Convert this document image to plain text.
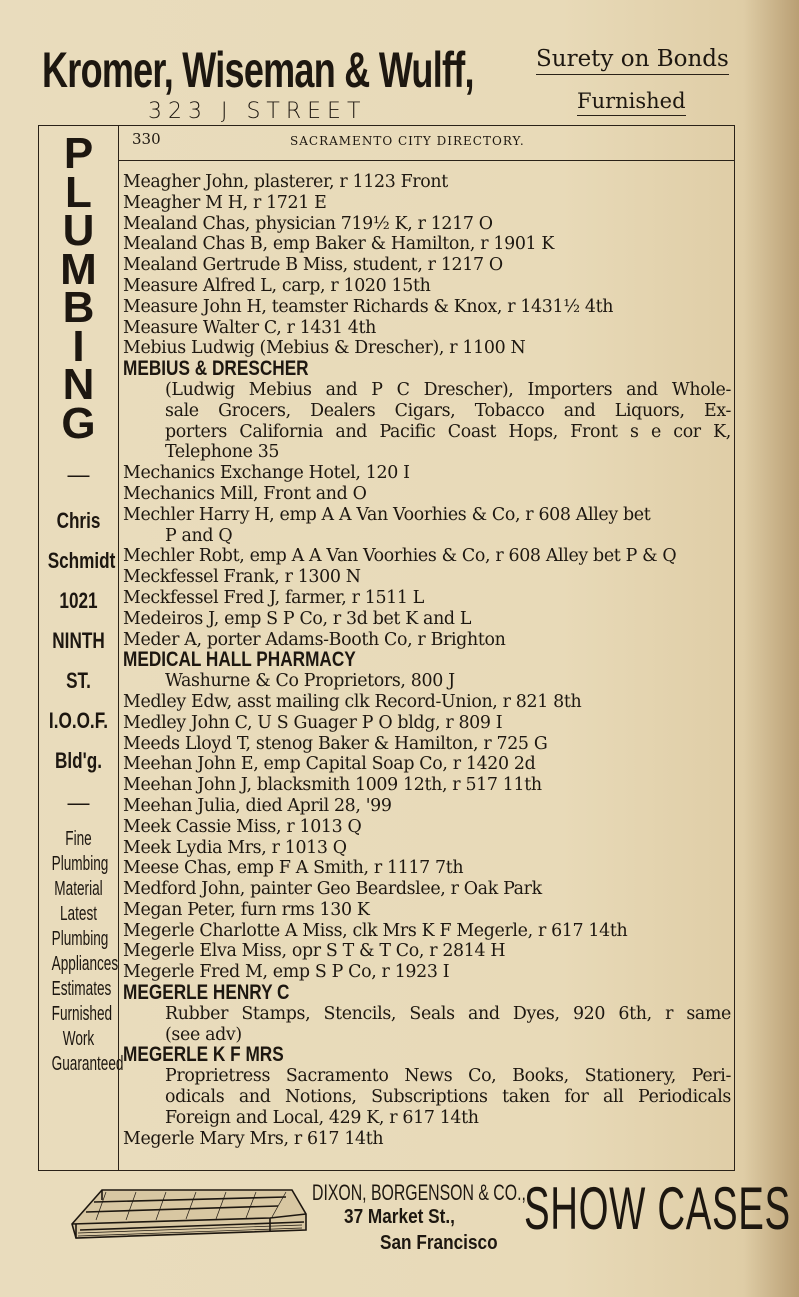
Kromer, Wiseman & Wulff,
323 J STREET
Surety on Bonds
Furnished
330	SACRAMENTO CITY DIRECTORY.
P
L
U
M
B
I
N
G
—
Chris
Schmidt
1021
NINTH
ST.
I.O.O.F.
Bld'g.
—
Fine
Plumbing
Material
Latest
Plumbing
Appliances
Estimates
Furnished
Work
Guaranteed
Meagher John, plasterer, r 1123 Front
Meagher M H, r 1721 E
Mealand Chas, physician 719½ K, r 1217 O
Mealand Chas B, emp Baker & Hamilton, r 1901 K
Mealand Gertrude B Miss, student, r 1217 O
Measure Alfred L, carp, r 1020 15th
Measure John H, teamster Richards & Knox, r 1431½ 4th
Measure Walter C, r 1431 4th
Mebius Ludwig (Mebius & Drescher), r 1100 N
MEBIUS & DRESCHER
(Ludwig Mebius and P C Drescher), Importers and Whole-
sale Grocers, Dealers Cigars, Tobacco and Liquors, Ex-
porters California and Pacific Coast Hops, Front s e cor K,
Telephone 35
Mechanics Exchange Hotel, 120 I
Mechanics Mill, Front and O
Mechler Harry H, emp A A Van Voorhies & Co, r 608 Alley bet
P and Q
Mechler Robt, emp A A Van Voorhies & Co, r 608 Alley bet P & Q
Meckfessel Frank, r 1300 N
Meckfessel Fred J, farmer, r 1511 L
Medeiros J, emp S P Co, r 3d bet K and L
Meder A, porter Adams-Booth Co, r Brighton
MEDICAL HALL PHARMACY
Washurne & Co Proprietors, 800 J
Medley Edw, asst mailing clk Record-Union, r 821 8th
Medley John C, U S Guager P O bldg, r 809 I
Meeds Lloyd T, stenog Baker & Hamilton, r 725 G
Meehan John E, emp Capital Soap Co, r 1420 2d
Meehan John J, blacksmith 1009 12th, r 517 11th
Meehan Julia, died April 28, '99
Meek Cassie Miss, r 1013 Q
Meek Lydia Mrs, r 1013 Q
Meese Chas, emp F A Smith, r 1117 7th
Medford John, painter Geo Beardslee, r Oak Park
Megan Peter, furn rms 130 K
Megerle Charlotte A Miss, clk Mrs K F Megerle, r 617 14th
Megerle Elva Miss, opr S T & T Co, r 2814 H
Megerle Fred M, emp S P Co, r 1923 I
MEGERLE HENRY C
Rubber Stamps, Stencils, Seals and Dyes, 920 6th, r same
(see adv)
MEGERLE K F MRS
Proprietress Sacramento News Co, Books, Stationery, Peri-
odicals and Notions, Subscriptions taken for all Periodicals
Foreign and Local, 429 K, r 617 14th
Megerle Mary Mrs, r 617 14th
DIXON, BORGENSON & CO.,
37 Market St.,
San Francisco
SHOW CASES
